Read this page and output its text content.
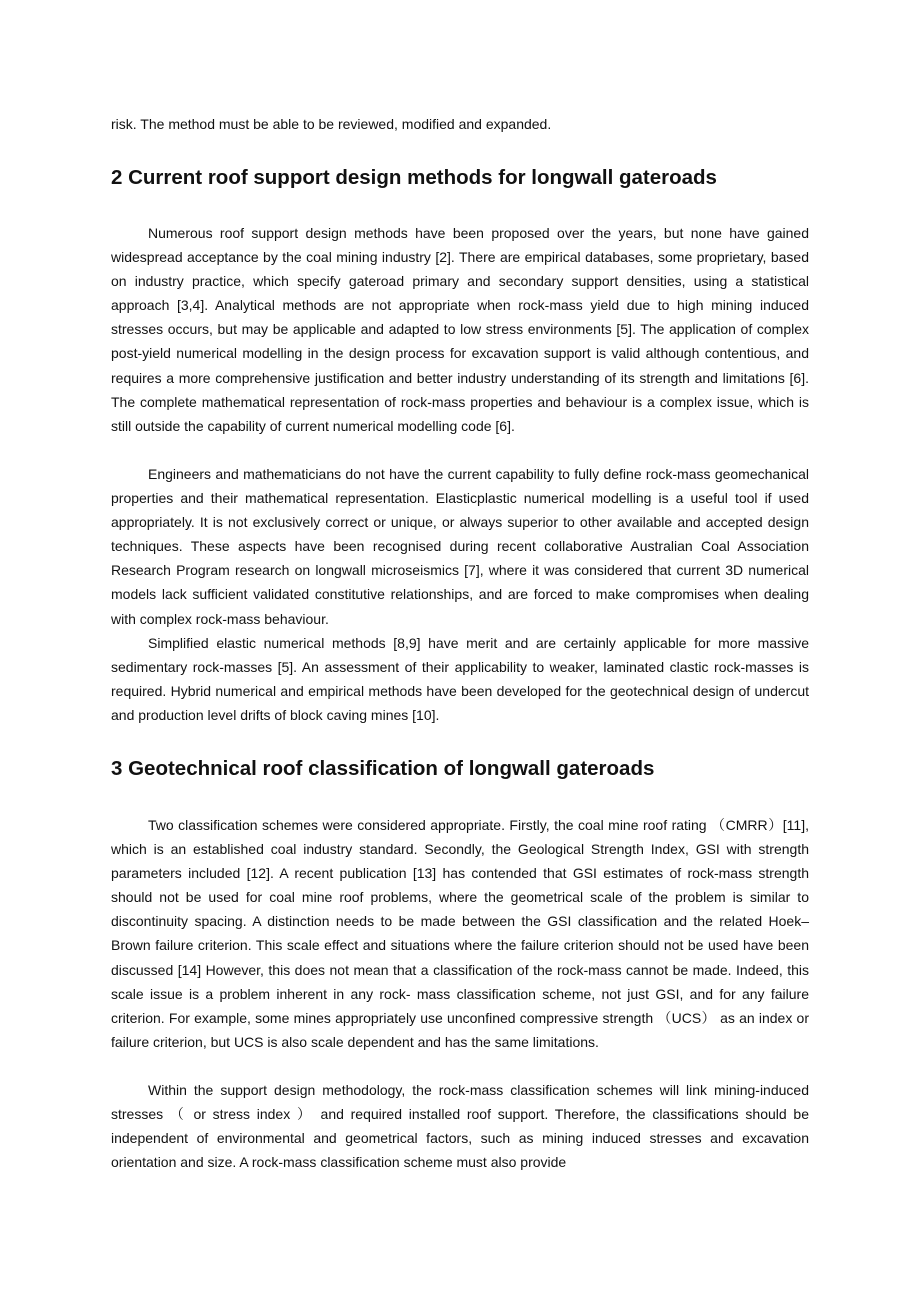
risk. The method must be able to be reviewed, modified and expanded.

2 Current roof support design methods for longwall gateroads

Numerous roof support design methods have been proposed over the years, but none have gained widespread acceptance by the coal mining industry [2]. There are empirical databases, some proprietary, based on industry practice, which specify gateroad primary and secondary support densities, using a statistical approach [3,4]. Analytical methods are not appropriate when rock-mass yield due to high mining induced stresses occurs, but may be applicable and adapted to low stress environments [5]. The application of complex post-yield numerical modelling in the design process for excavation support is valid although contentious, and requires a more comprehensive justification and better industry understanding of its strength and limitations [6]. The complete mathematical representation of rock-mass properties and behaviour is a complex issue, which is still outside the capability of current numerical modelling code [6].

Engineers and mathematicians do not have the current capability to fully define rock-mass geomechanical properties and their mathematical representation. Elasticplastic numerical modelling is a useful tool if used appropriately. It is not exclusively correct or unique, or always superior to other available and accepted design techniques. These aspects have been recognised during recent collaborative Australian Coal Association Research Program research on longwall microseismics [7], where it was considered that current 3D numerical models lack sufficient validated constitutive relationships, and are forced to make compromises when dealing with complex rock-mass behaviour.

Simplified elastic numerical methods [8,9] have merit and are certainly applicable for more massive sedimentary rock-masses [5]. An assessment of their applicability to weaker, laminated clastic rock-masses is required. Hybrid numerical and empirical methods have been developed for the geotechnical design of undercut and production level drifts of block caving mines [10].

3 Geotechnical roof classification of longwall gateroads

Two classification schemes were considered appropriate. Firstly, the coal mine roof rating （CMRR）[11], which is an established coal industry standard. Secondly, the Geological Strength Index, GSI with strength parameters included [12]. A recent publication [13] has contended that GSI estimates of rock-mass strength should not be used for coal mine roof problems, where the geometrical scale of the problem is similar to discontinuity spacing. A distinction needs to be made between the GSI classification and the related Hoek–Brown failure criterion. This scale effect and situations where the failure criterion should not be used have been discussed [14] However, this does not mean that a classification of the rock-mass cannot be made. Indeed, this scale issue is a problem inherent in any rock- mass classification scheme, not just GSI, and for any failure criterion. For example, some mines appropriately use unconfined compressive strength （UCS） as an index or failure criterion, but UCS is also scale dependent and has the same limitations.

Within the support design methodology, the rock-mass classification schemes will link mining-induced stresses （ or stress index ） and required installed roof support. Therefore, the classifications should be independent of environmental and geometrical factors, such as mining induced stresses and excavation orientation and size. A rock-mass classification scheme must also provide
